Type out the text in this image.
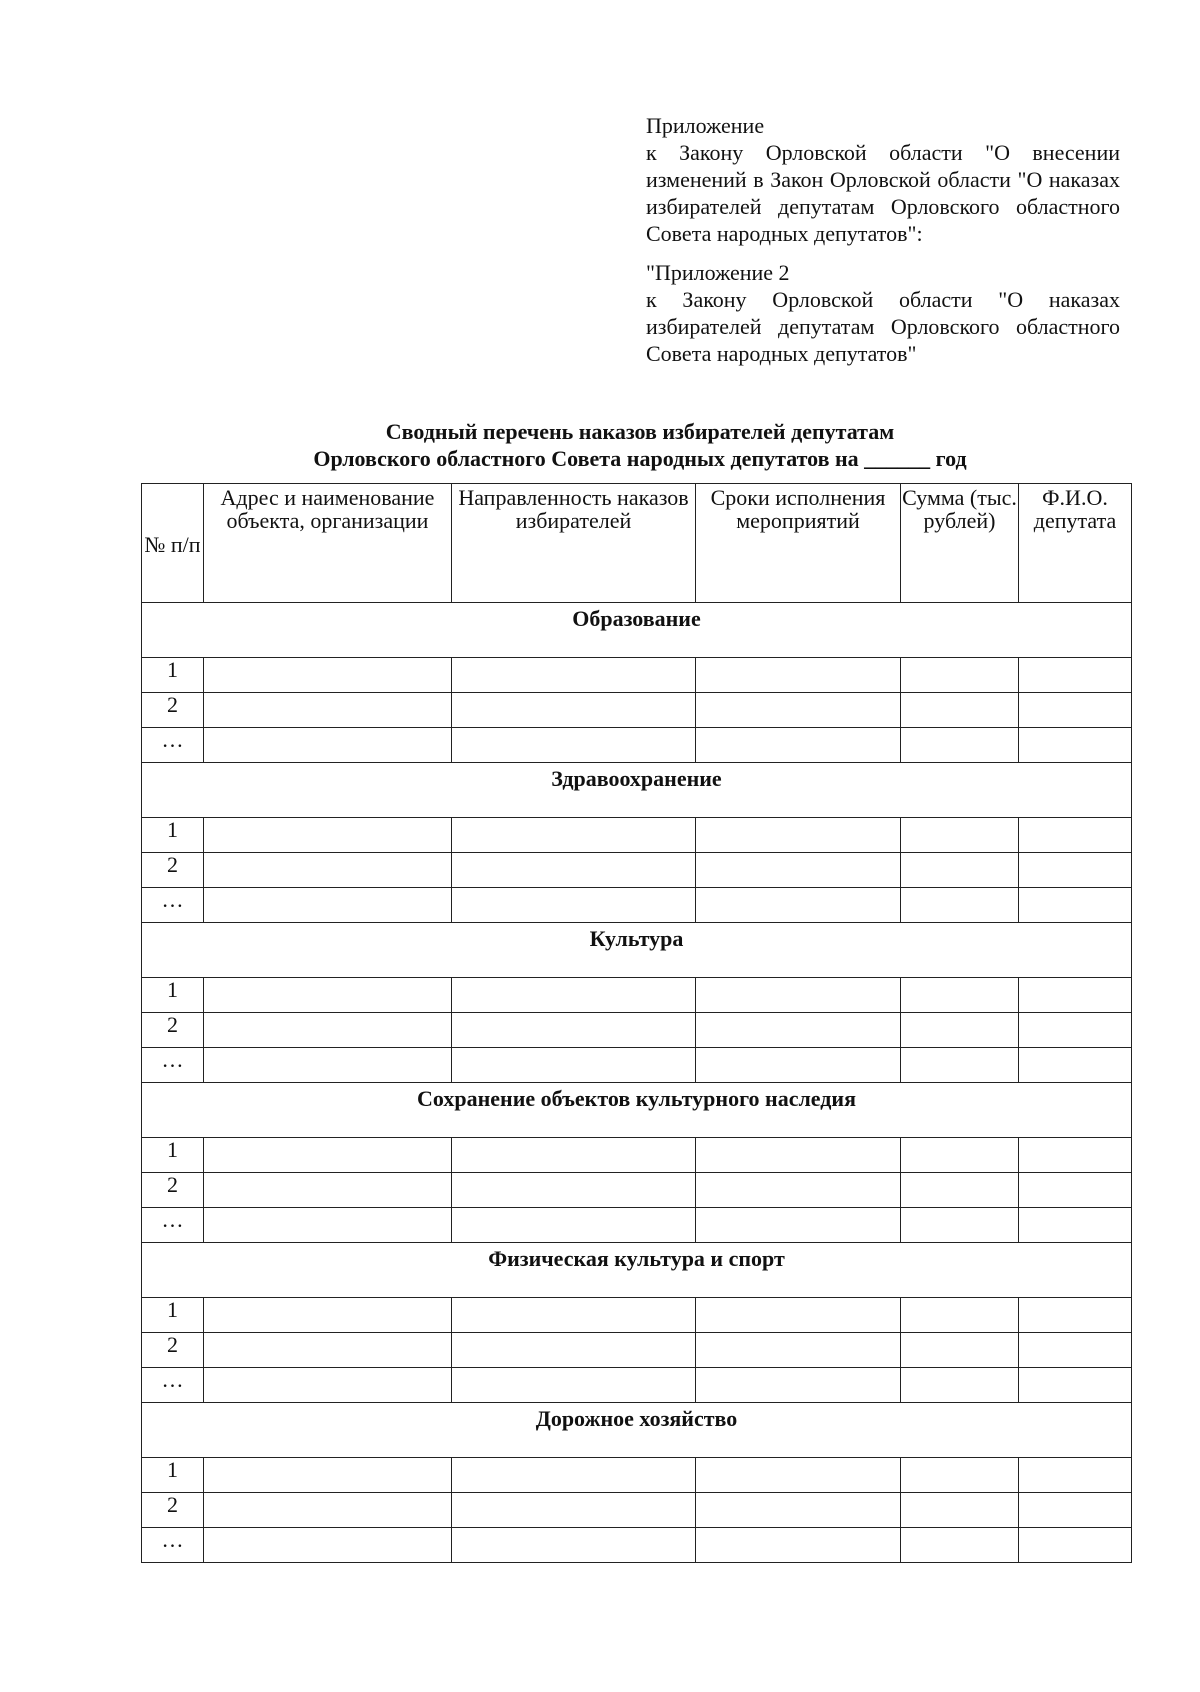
Приложение
к Закону Орловской области "О внесении изменений в Закон Орловской области "О наказах избирателей депутатам Орловского областного Совета народных депутатов":
"Приложение 2
к Закону Орловской области "О наказах избирателей депутатам Орловского областного Совета народных депутатов"
Сводный перечень наказов избирателей депутатам
Орловского областного Совета народных депутатов на ______ год
№ п/п	Адрес и наименование объекта, организации	Направленность наказов избирателей	Сроки исполнения мероприятий	Сумма (тыс. рублей)	Ф.И.О. депутата
Образование					
1					
2					
…					
Здравоохранение					
1					
2					
…					
Культура					
1					
2					
…					
Сохранение объектов культурного наследия					
1					
2					
…					
Физическая культура и спорт					
1					
2					
…					
Дорожное хозяйство					
1					
2					
…					
